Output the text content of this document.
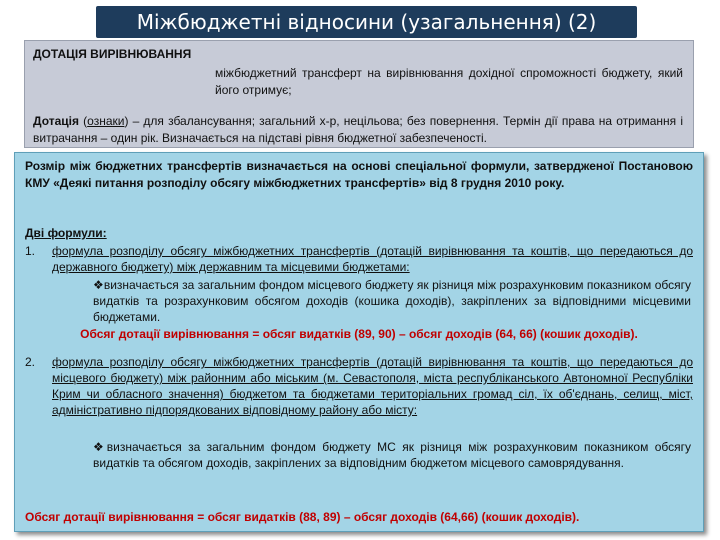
Міжбюджетні відносини (узагальнення) (2)
ДОТАЦІЯ ВИРІВНЮВАННЯ
міжбюджетний трансферт на вирівнювання дохідної спроможності бюджету, який його отримує;
Дотація (ознаки) – для збалансування; загальний х-р, нецільова; без повернення. Термін дії права на отримання і витрачання – один рік. Визначається на підставі рівня бюджетної забезпеченості.
Розмір між бюджетних трансфертів визначається на основі спеціальної формули, затвердженої Постановою КМУ «Деякі питання розподілу обсягу міжбюджетних трансфертів» від 8 грудня 2010 року.
Дві формули:
1. формула розподілу обсягу міжбюджетних трансфертів (дотацій вирівнювання та коштів, що передаються до державного бюджету) між державним та місцевими бюджетами:
❖визначається за загальним фондом місцевого бюджету як різниця між розрахунковим показником обсягу видатків та розрахунковим обсягом доходів (кошика доходів), закріплених за відповідними місцевими бюджетами.
Обсяг дотації вирівнювання = обсяг видатків (89, 90) – обсяг доходів (64, 66) (кошик доходів).
2. формула розподілу обсягу міжбюджетних трансфертів (дотацій вирівнювання та коштів, що передаються до місцевого бюджету) між районним або міським (м. Севастополя, міста республіканського Автономної Республіки Крим чи обласного значення) бюджетом та бюджетами територіальних громад сіл, їх об'єднань, селищ, міст, адміністративно підпорядкованих відповідному району або місту:
❖визначається за загальним фондом бюджету МС як різниця між розрахунковим показником обсягу видатків та обсягом доходів, закріплених за відповідним бюджетом місцевого самоврядування.
Обсяг дотації вирівнювання = обсяг видатків (88, 89) – обсяг доходів (64,66) (кошик доходів).
